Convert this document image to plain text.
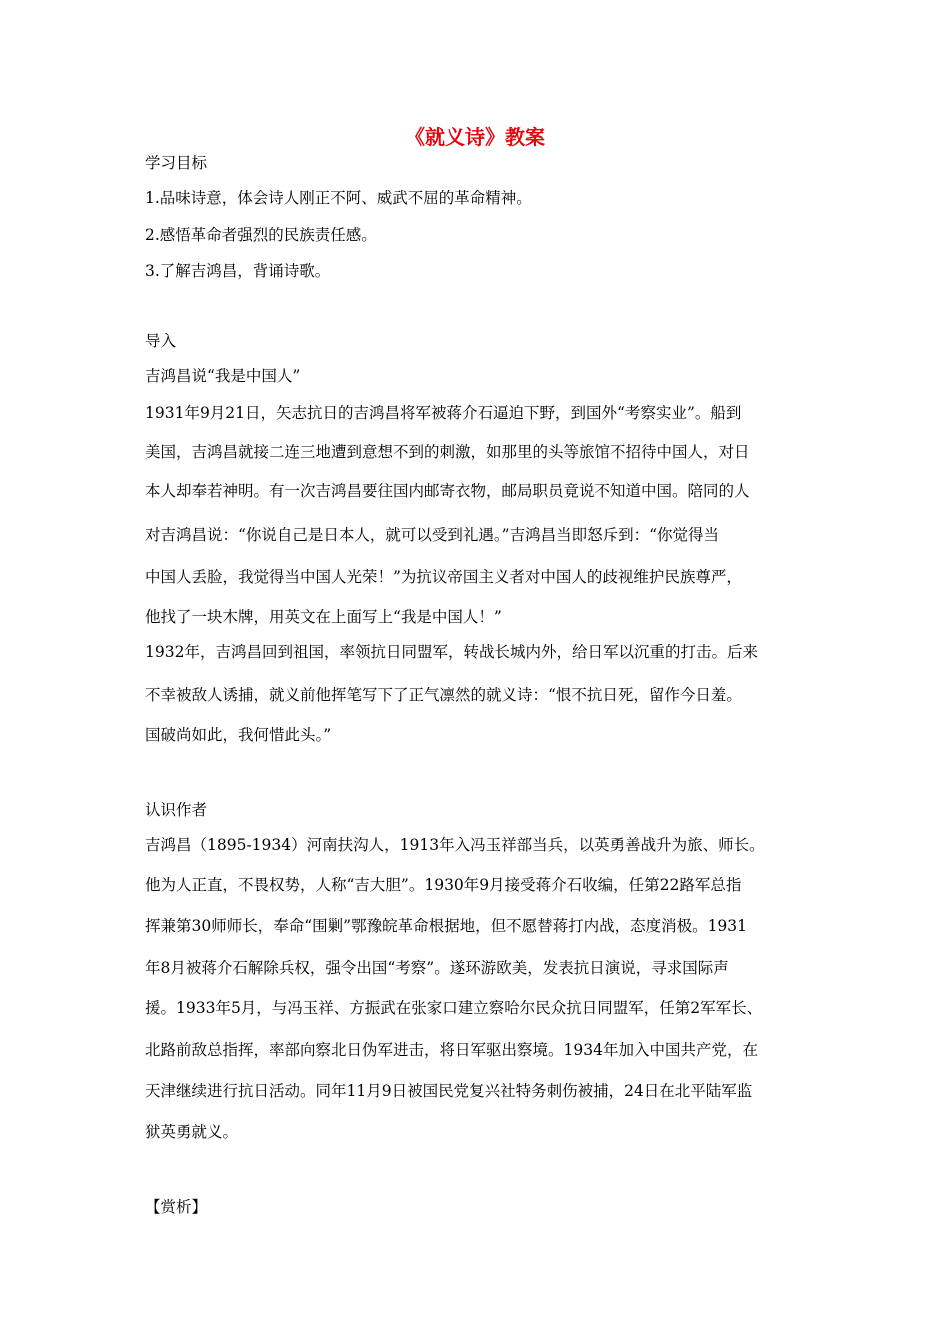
《就义诗》教案
学习目标
1.品味诗意，体会诗人刚正不阿、威武不屈的革命精神。
2.感悟革命者强烈的民族责任感。
3.了解吉鸿昌，背诵诗歌。
导入
吉鸿昌说“我是中国人”
1931年9月21日，矢志抗日的吉鸿昌将军被蒋介石逼迫下野，到国外“考察实业”。船到
美国，吉鸿昌就接二连三地遭到意想不到的刺激，如那里的头等旅馆不招待中国人，对日
本人却奉若神明。有一次吉鸿昌要往国内邮寄衣物，邮局职员竟说不知道中国。陪同的人
对吉鸿昌说：“你说自己是日本人，就可以受到礼遇。”吉鸿昌当即怒斥到：“你觉得当
中国人丢脸，我觉得当中国人光荣！”为抗议帝国主义者对中国人的歧视维护民族尊严，
他找了一块木牌，用英文在上面写上“我是中国人！”
1932年，吉鸿昌回到祖国，率领抗日同盟军，转战长城内外，给日军以沉重的打击。后来
不幸被敌人诱捕，就义前他挥笔写下了正气凛然的就义诗：“恨不抗日死，留作今日羞。
国破尚如此，我何惜此头。”
认识作者
吉鸿昌（1895-1934）河南扶沟人，1913年入冯玉祥部当兵，以英勇善战升为旅、师长。
他为人正直，不畏权势，人称“吉大胆”。1930年9月接受蒋介石收编，任第22路军总指
挥兼第30师师长，奉命“围剿”鄂豫皖革命根据地，但不愿替蒋打内战，态度消极。1931
年8月被蒋介石解除兵权，强令出国“考察”。遂环游欧美，发表抗日演说，寻求国际声
援。1933年5月，与冯玉祥、方振武在张家口建立察哈尔民众抗日同盟军，任第2军军长、
北路前敌总指挥，率部向察北日伪军进击，将日军驱出察境。1934年加入中国共产党，在
天津继续进行抗日活动。同年11月9日被国民党复兴社特务刺伤被捕，24日在北平陆军监
狱英勇就义。
【赏析】
